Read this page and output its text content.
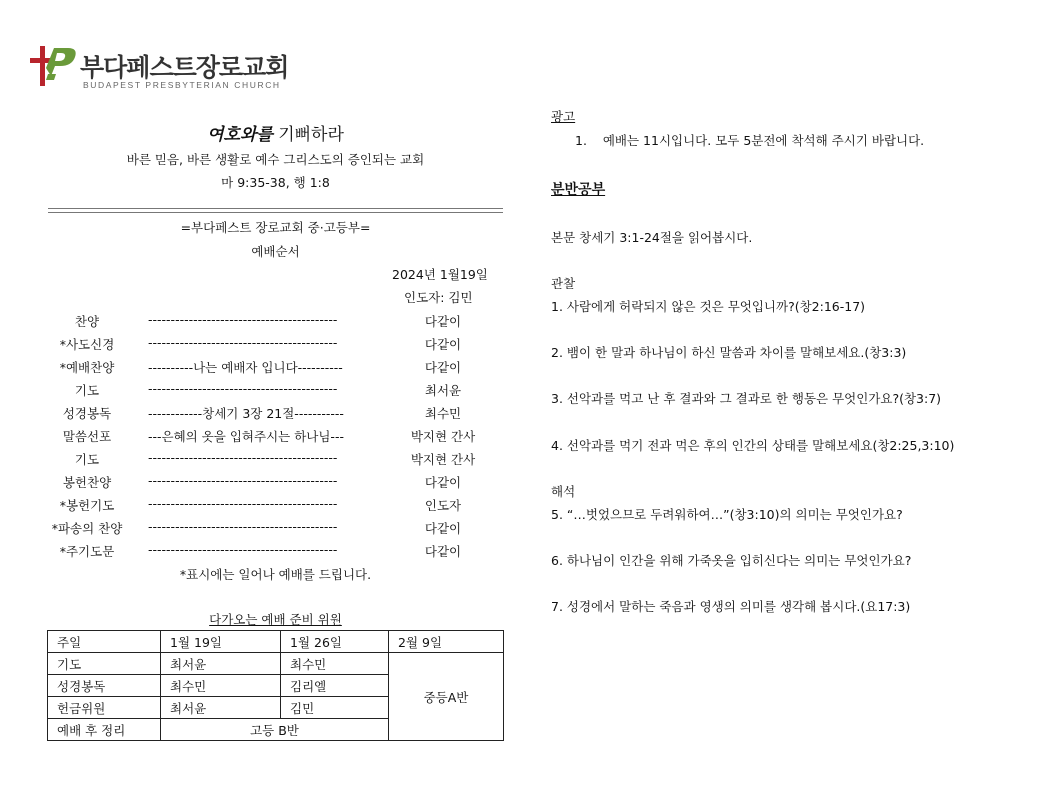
부다페스트장로교회
BUDAPEST PRESBYTERIAN CHURCH
여호와를 기뻐하라
바른 믿음, 바른 생활로 예수 그리스도의 증인되는 교회
마 9:35-38, 행 1:8
=부다페스트 장로교회 중·고등부=
예배순서
2024년 1월19일
인도자: 김민
찬양	------------------------------------------	다같이
*사도신경	------------------------------------------	다같이
*예배찬양	----------나는 예배자 입니다----------	다같이
기도	------------------------------------------	최서윤
성경봉독	------------창세기 3장 21절-----------	최수민
말씀선포	---은혜의 옷을 입혀주시는 하나님---	박지현 간사
기도	------------------------------------------	박지현 간사
봉헌찬양	------------------------------------------	다같이
*봉헌기도	------------------------------------------	인도자
*파송의 찬양 ------------------------------------------	다같이
*주기도문	------------------------------------------	다같이
*표시에는 일어나 예배를 드립니다.
다가오는 예배 준비 위원
주일	1월 19일	1월 26일	2월 9일
기도	최서윤	최수민	중등A반
성경봉독	최수민	김리엘	
헌금위원	최서윤	김민	
예배 후 정리	고등 B반		
광고
1. 예배는 11시입니다. 모두 5분전에 착석해 주시기 바랍니다.
분반공부
본문 창세기 3:1-24절을 읽어봅시다.
관찰
1. 사람에게 허락되지 않은 것은 무엇입니까?(창2:16-17)
2. 뱀이 한 말과 하나님이 하신 말씀과 차이를 말해보세요.(창3:3)
3. 선악과를 먹고 난 후 결과와 그 결과로 한 행동은 무엇인가요?(창3:7)
4. 선악과를 먹기 전과 먹은 후의 인간의 상태를 말해보세요(창2:25,3:10)
해석
5. “…벗었으므로 두려워하여…”(창3:10)의 의미는 무엇인가요?
6. 하나님이 인간을 위해 가죽옷을 입히신다는 의미는 무엇인가요?
7. 성경에서 말하는 죽음과 영생의 의미를 생각해 봅시다.(요17:3)
